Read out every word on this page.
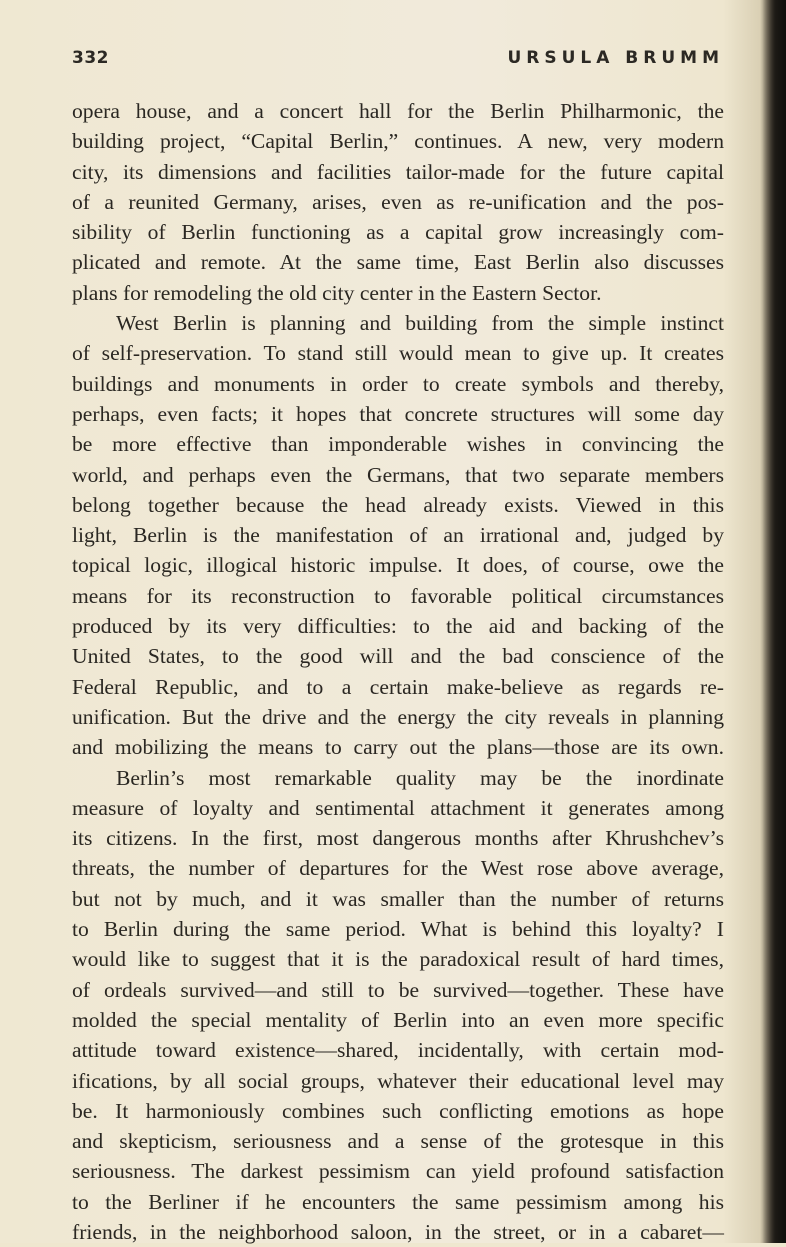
332	URSULA BRUMM
opera house, and a concert hall for the Berlin Philharmonic, the
building project, “Capital Berlin,” continues. A new, very modern
city, its dimensions and facilities tailor-made for the future capital
of a reunited Germany, arises, even as re-unification and the pos-
sibility of Berlin functioning as a capital grow increasingly com-
plicated and remote. At the same time, East Berlin also discusses
plans for remodeling the old city center in the Eastern Sector.
West Berlin is planning and building from the simple instinct
of self-preservation. To stand still would mean to give up. It creates
buildings and monuments in order to create symbols and thereby,
perhaps, even facts; it hopes that concrete structures will some day
be more effective than imponderable wishes in convincing the
world, and perhaps even the Germans, that two separate members
belong together because the head already exists. Viewed in this
light, Berlin is the manifestation of an irrational and, judged by
topical logic, illogical historic impulse. It does, of course, owe the
means for its reconstruction to favorable political circumstances
produced by its very difficulties: to the aid and backing of the
United States, to the good will and the bad conscience of the
Federal Republic, and to a certain make-believe as regards re-
unification. But the drive and the energy the city reveals in planning
and mobilizing the means to carry out the plans—those are its own.
Berlin’s most remarkable quality may be the inordinate
measure of loyalty and sentimental attachment it generates among
its citizens. In the first, most dangerous months after Khrushchev’s
threats, the number of departures for the West rose above average,
but not by much, and it was smaller than the number of returns
to Berlin during the same period. What is behind this loyalty? I
would like to suggest that it is the paradoxical result of hard times,
of ordeals survived—and still to be survived—together. These have
molded the special mentality of Berlin into an even more specific
attitude toward existence—shared, incidentally, with certain mod-
ifications, by all social groups, whatever their educational level may
be. It harmoniously combines such conflicting emotions as hope
and skepticism, seriousness and a sense of the grotesque in this
seriousness. The darkest pessimism can yield profound satisfaction
to the Berliner if he encounters the same pessimism among his
friends, in the neighborhood saloon, in the street, or in a cabaret—
